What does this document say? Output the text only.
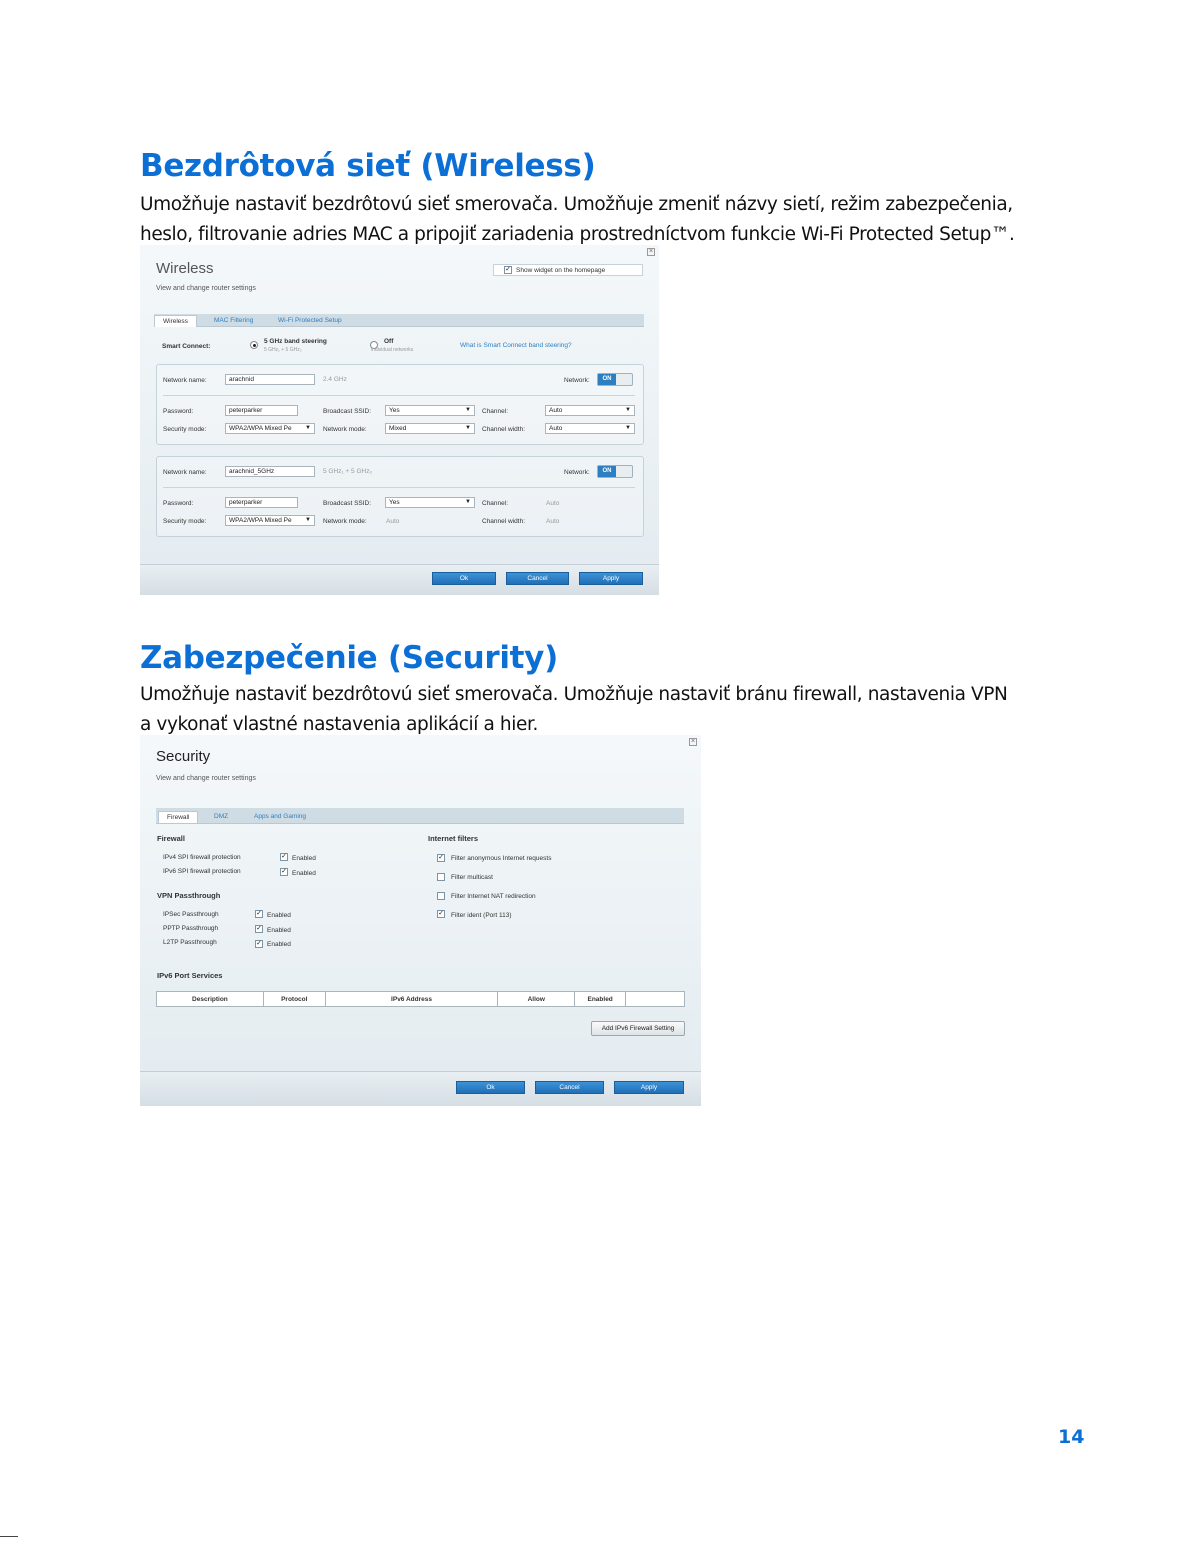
Bezdrôtová sieť (Wireless)
Umožňuje nastaviť bezdrôtovú sieť smerovača. Umožňuje zmeniť názvy sietí, režim zabezpečenia,
heslo, filtrovanie adries MAC a pripojiť zariadenia prostredníctvom funkcie Wi-Fi Protected Setup™.
×
Wireless
View and change router settings
✓ Show widget on the homepage
Wireless	MAC Filtering	Wi-Fi Protected Setup
Smart Connect:
5 GHz band steering
5 GHz₁ + 5 GHz₂
Off
individual networks
What is Smart Connect band steering?
Network name:	arachnid	2.4 GHz	Network:	ON
Password:	peterparker	Broadcast SSID:	Yes	▼ Channel:	Auto	▼
Security mode:	WPA2/WPA Mixed Pe ▼ Network mode:	Mixed	▼ Channel width:	Auto	▼
Network name:	arachnid_5GHz	5 GHz₁ + 5 GHz₂	Network:	ON
Password:	peterparker	Broadcast SSID:	Yes	▼ Channel:	Auto
Security mode:	WPA2/WPA Mixed Pe ▼ Network mode:	Auto	Channel width:	Auto
Ok	Cancel	Apply
Zabezpečenie (Security)
Umožňuje nastaviť bezdrôtovú sieť smerovača. Umožňuje nastaviť bránu firewall, nastavenia VPN
a vykonať vlastné nastavenia aplikácií a hier.
×
Security
View and change router settings
Firewall	DMZ	Apps and Gaming
Firewall
IPv4 SPI firewall protection	✓ Enabled
IPv6 SPI firewall protection	✓ Enabled
VPN Passthrough
IPSec Passthrough	✓ Enabled
PPTP Passthrough	✓ Enabled
L2TP Passthrough	✓ Enabled
Internet filters
✓ Filter anonymous Internet requests
Filter multicast
Filter Internet NAT redirection
✓ Filter ident (Port 113)
IPv6 Port Services
Description	Protocol	IPv6 Address	Allow	Enabled	
Add IPv6 Firewall Setting
Ok	Cancel	Apply
14
